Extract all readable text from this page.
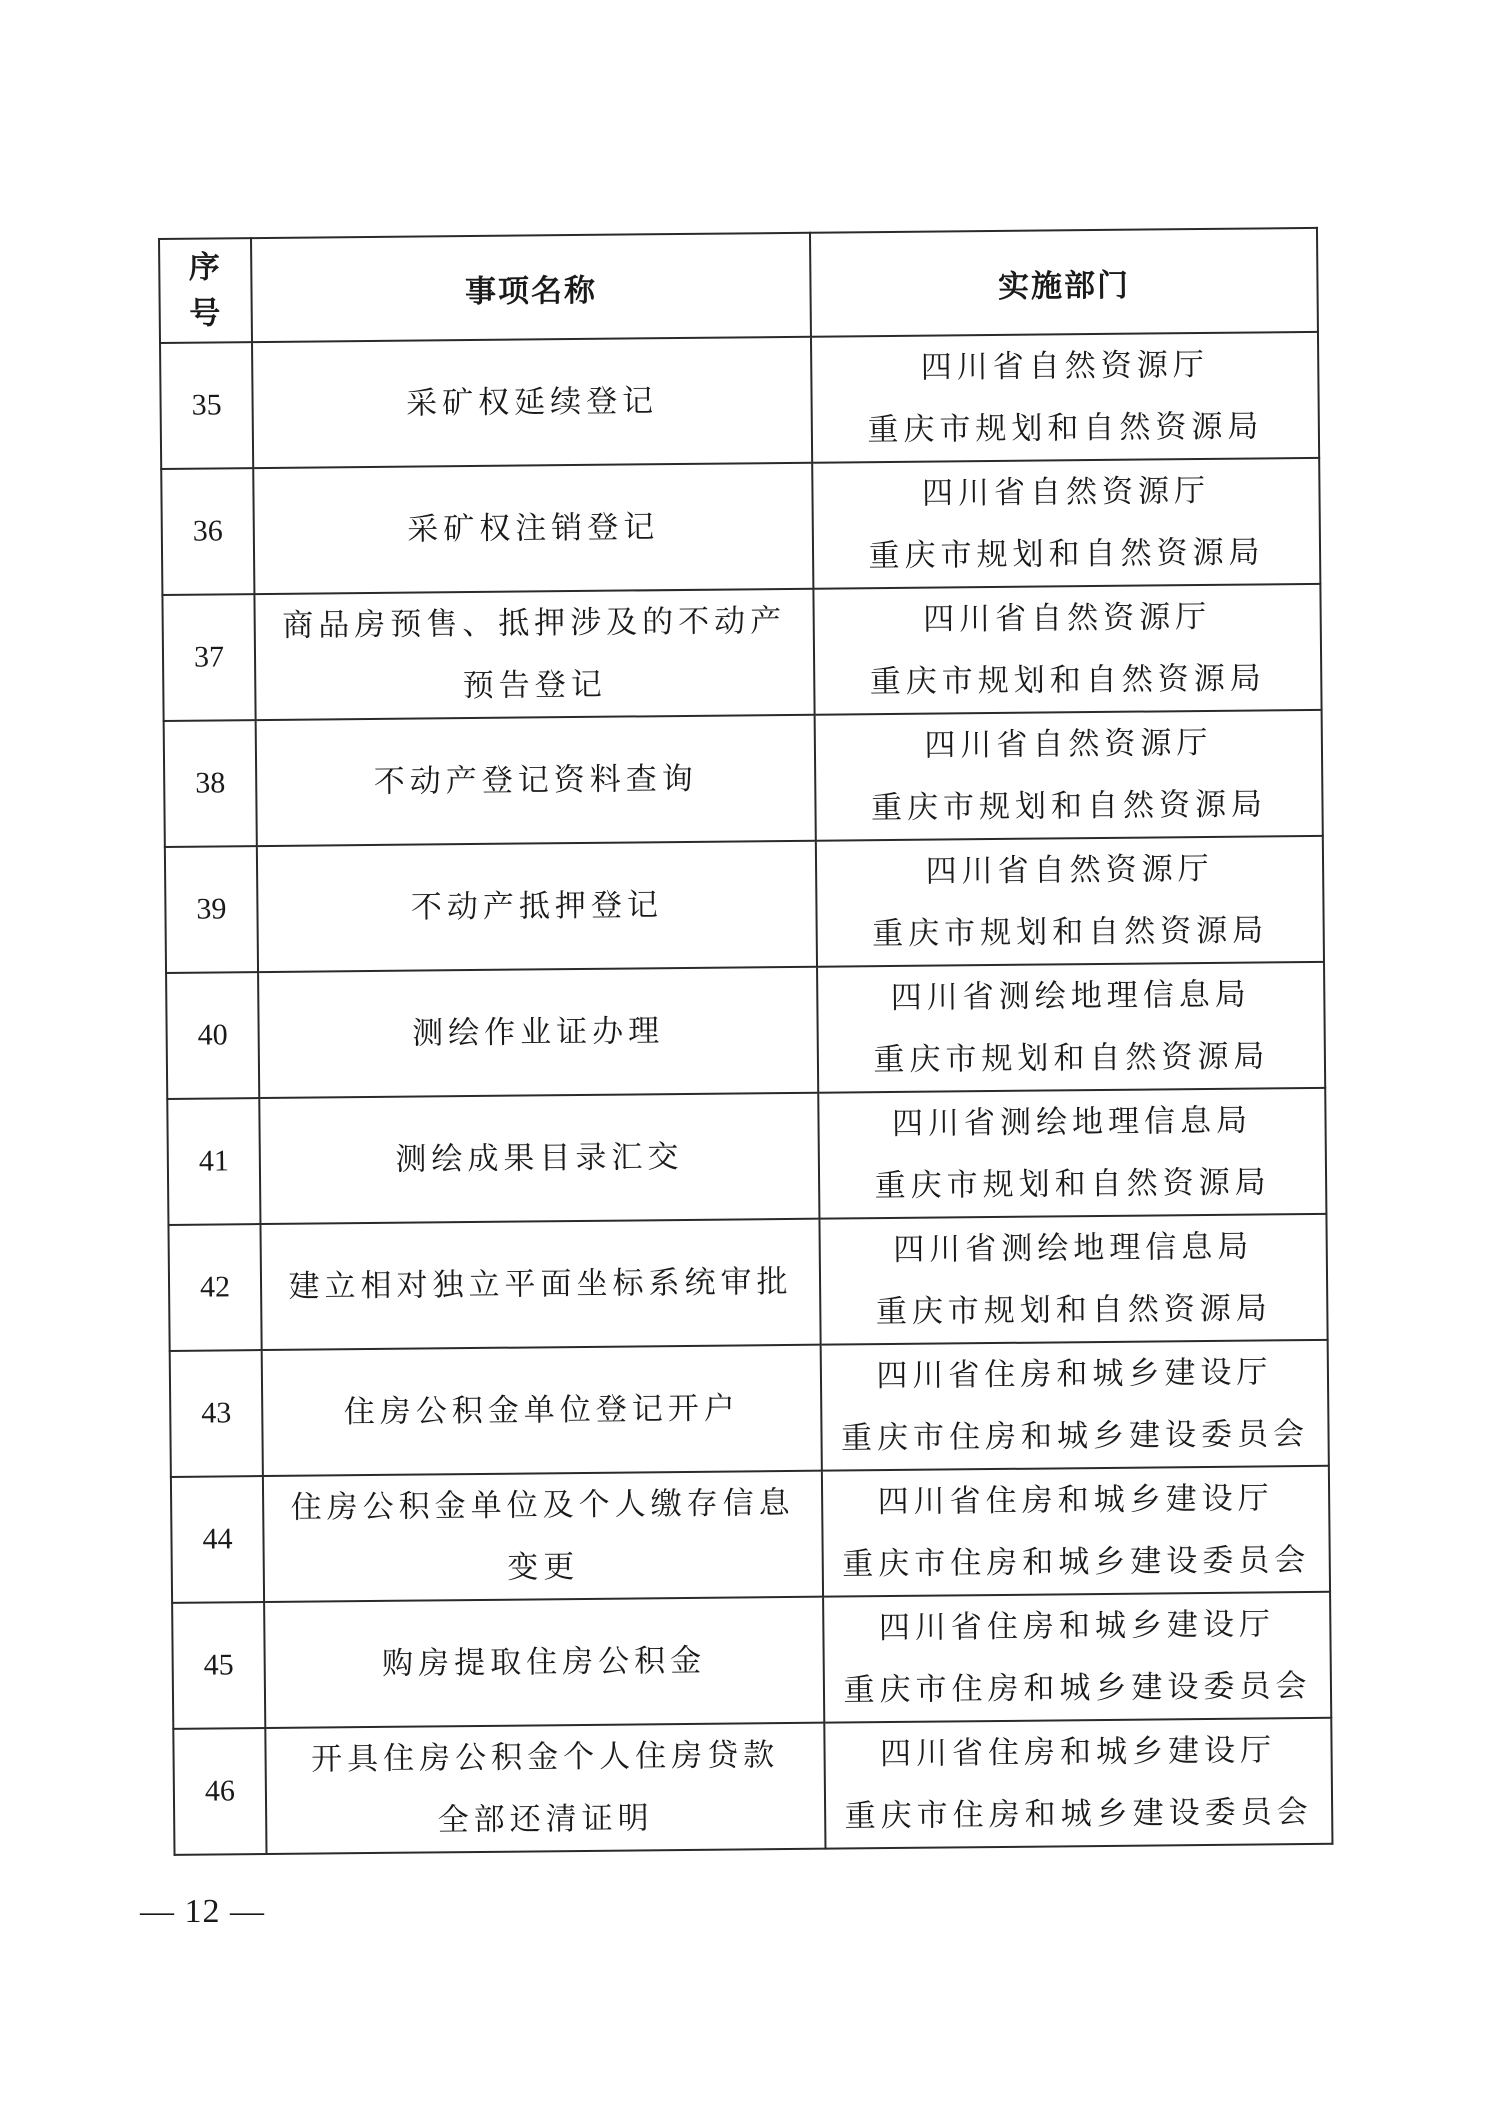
序
号	事项名称	实施部门
35	采矿权延续登记	四川省自然资源厅
重庆市规划和自然资源局

36	采矿权注销登记	四川省自然资源厅
重庆市规划和自然资源局

37	商品房预售、抵押涉及的不动产
预告登记	四川省自然资源厅
重庆市规划和自然资源局

38	不动产登记资料查询	四川省自然资源厅
重庆市规划和自然资源局

39	不动产抵押登记	四川省自然资源厅
重庆市规划和自然资源局

40	测绘作业证办理	四川省测绘地理信息局
重庆市规划和自然资源局

41	测绘成果目录汇交	四川省测绘地理信息局
重庆市规划和自然资源局

42	建立相对独立平面坐标系统审批	四川省测绘地理信息局
重庆市规划和自然资源局

43	住房公积金单位登记开户	四川省住房和城乡建设厅
重庆市住房和城乡建设委员会

44	住房公积金单位及个人缴存信息
变更	四川省住房和城乡建设厅
重庆市住房和城乡建设委员会

45	购房提取住房公积金	四川省住房和城乡建设厅
重庆市住房和城乡建设委员会

46	开具住房公积金个人住房贷款
全部还清证明	四川省住房和城乡建设厅
重庆市住房和城乡建设委员会
— 12 —
